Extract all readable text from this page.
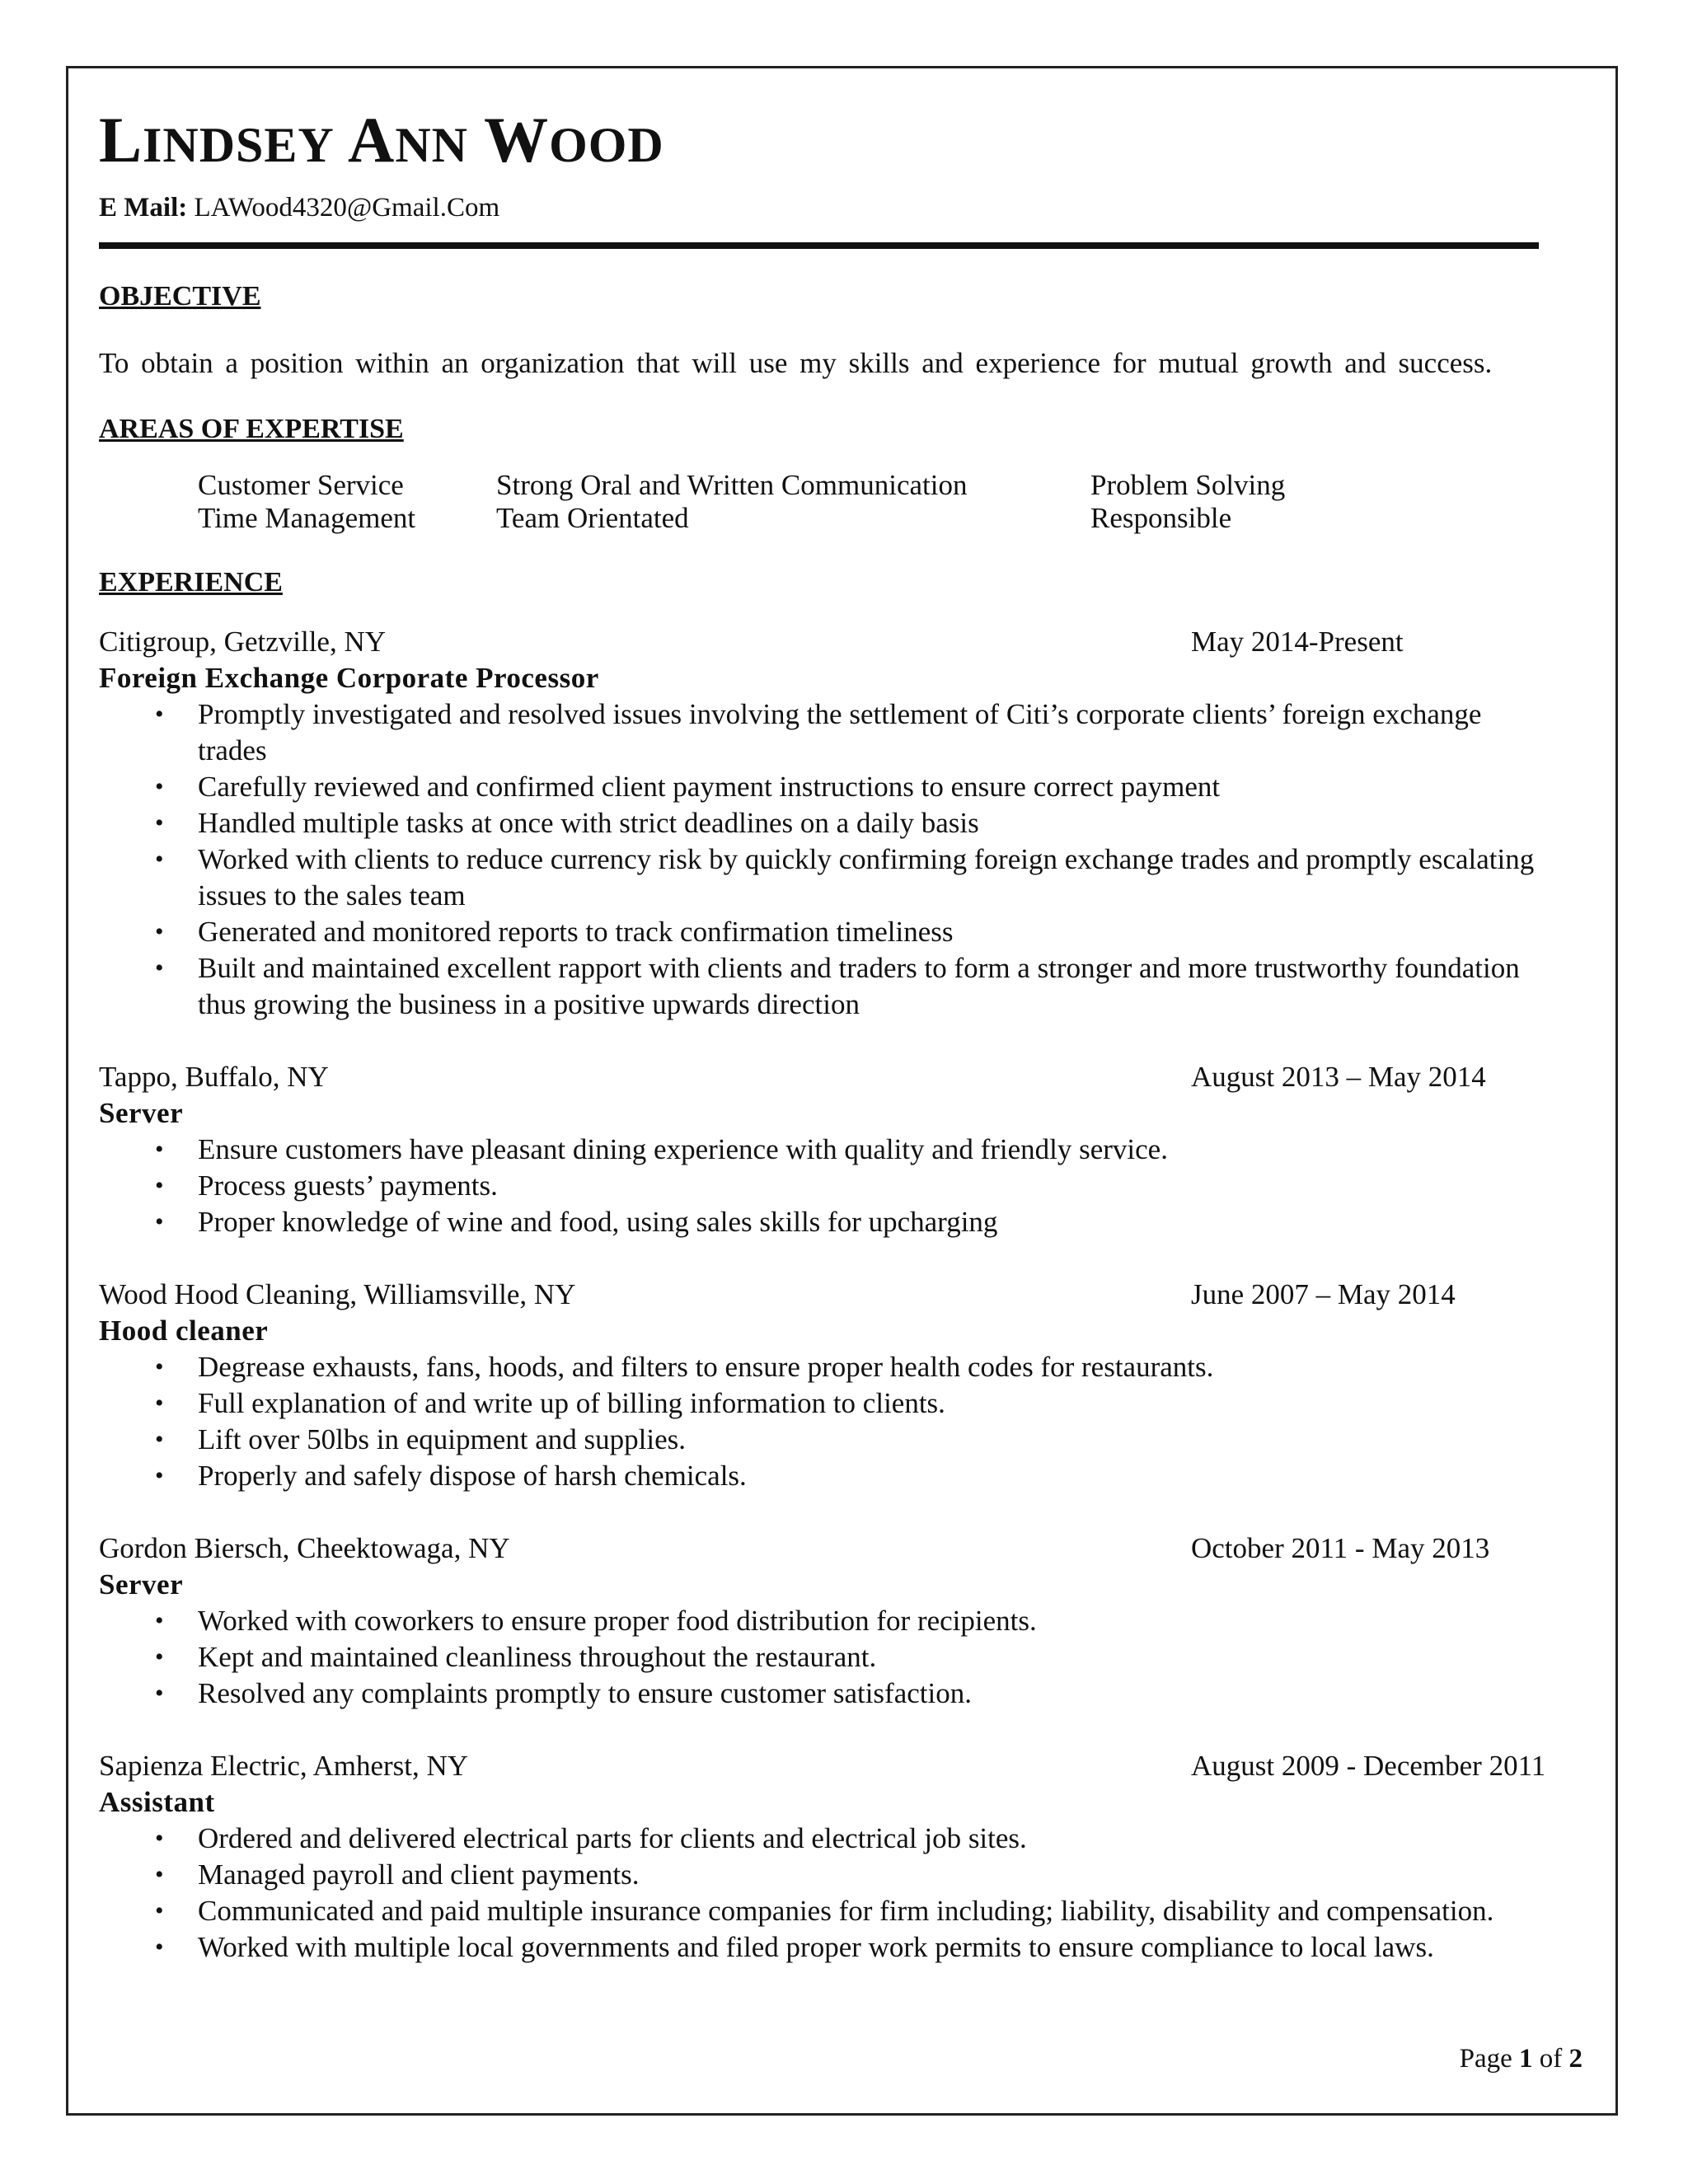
LINDSEY ANN WOOD
E Mail: LAWood4320@Gmail.Com
OBJECTIVE
To obtain a position within an organization that will use my skills and experience for mutual growth and success.
AREAS OF EXPERTISE
Customer Service	Strong Oral and Written Communication	Problem Solving
Time Management	Team Orientated	Responsible
EXPERIENCE
Citigroup, Getzville, NY	May 2014-Present
Foreign Exchange Corporate Processor
• Promptly investigated and resolved issues involving the settlement of Citi’s corporate clients’ foreign exchange trades
• Carefully reviewed and confirmed client payment instructions to ensure correct payment
• Handled multiple tasks at once with strict deadlines on a daily basis
• Worked with clients to reduce currency risk by quickly confirming foreign exchange trades and promptly escalating issues to the sales team
• Generated and monitored reports to track confirmation timeliness
• Built and maintained excellent rapport with clients and traders to form a stronger and more trustworthy foundation thus growing the business in a positive upwards direction
Tappo, Buffalo, NY	August 2013 – May 2014
Server
• Ensure customers have pleasant dining experience with quality and friendly service.
• Process guests’ payments.
• Proper knowledge of wine and food, using sales skills for upcharging
Wood Hood Cleaning, Williamsville, NY	June 2007 – May 2014
Hood cleaner
• Degrease exhausts, fans, hoods, and filters to ensure proper health codes for restaurants.
• Full explanation of and write up of billing information to clients.
• Lift over 50lbs in equipment and supplies.
• Properly and safely dispose of harsh chemicals.
Gordon Biersch, Cheektowaga, NY	October 2011 - May 2013
Server
• Worked with coworkers to ensure proper food distribution for recipients.
• Kept and maintained cleanliness throughout the restaurant.
• Resolved any complaints promptly to ensure customer satisfaction.
Sapienza Electric, Amherst, NY	August 2009 - December 2011
Assistant
• Ordered and delivered electrical parts for clients and electrical job sites.
• Managed payroll and client payments.
• Communicated and paid multiple insurance companies for firm including; liability, disability and compensation.
• Worked with multiple local governments and filed proper work permits to ensure compliance to local laws.
Page 1 of 2
